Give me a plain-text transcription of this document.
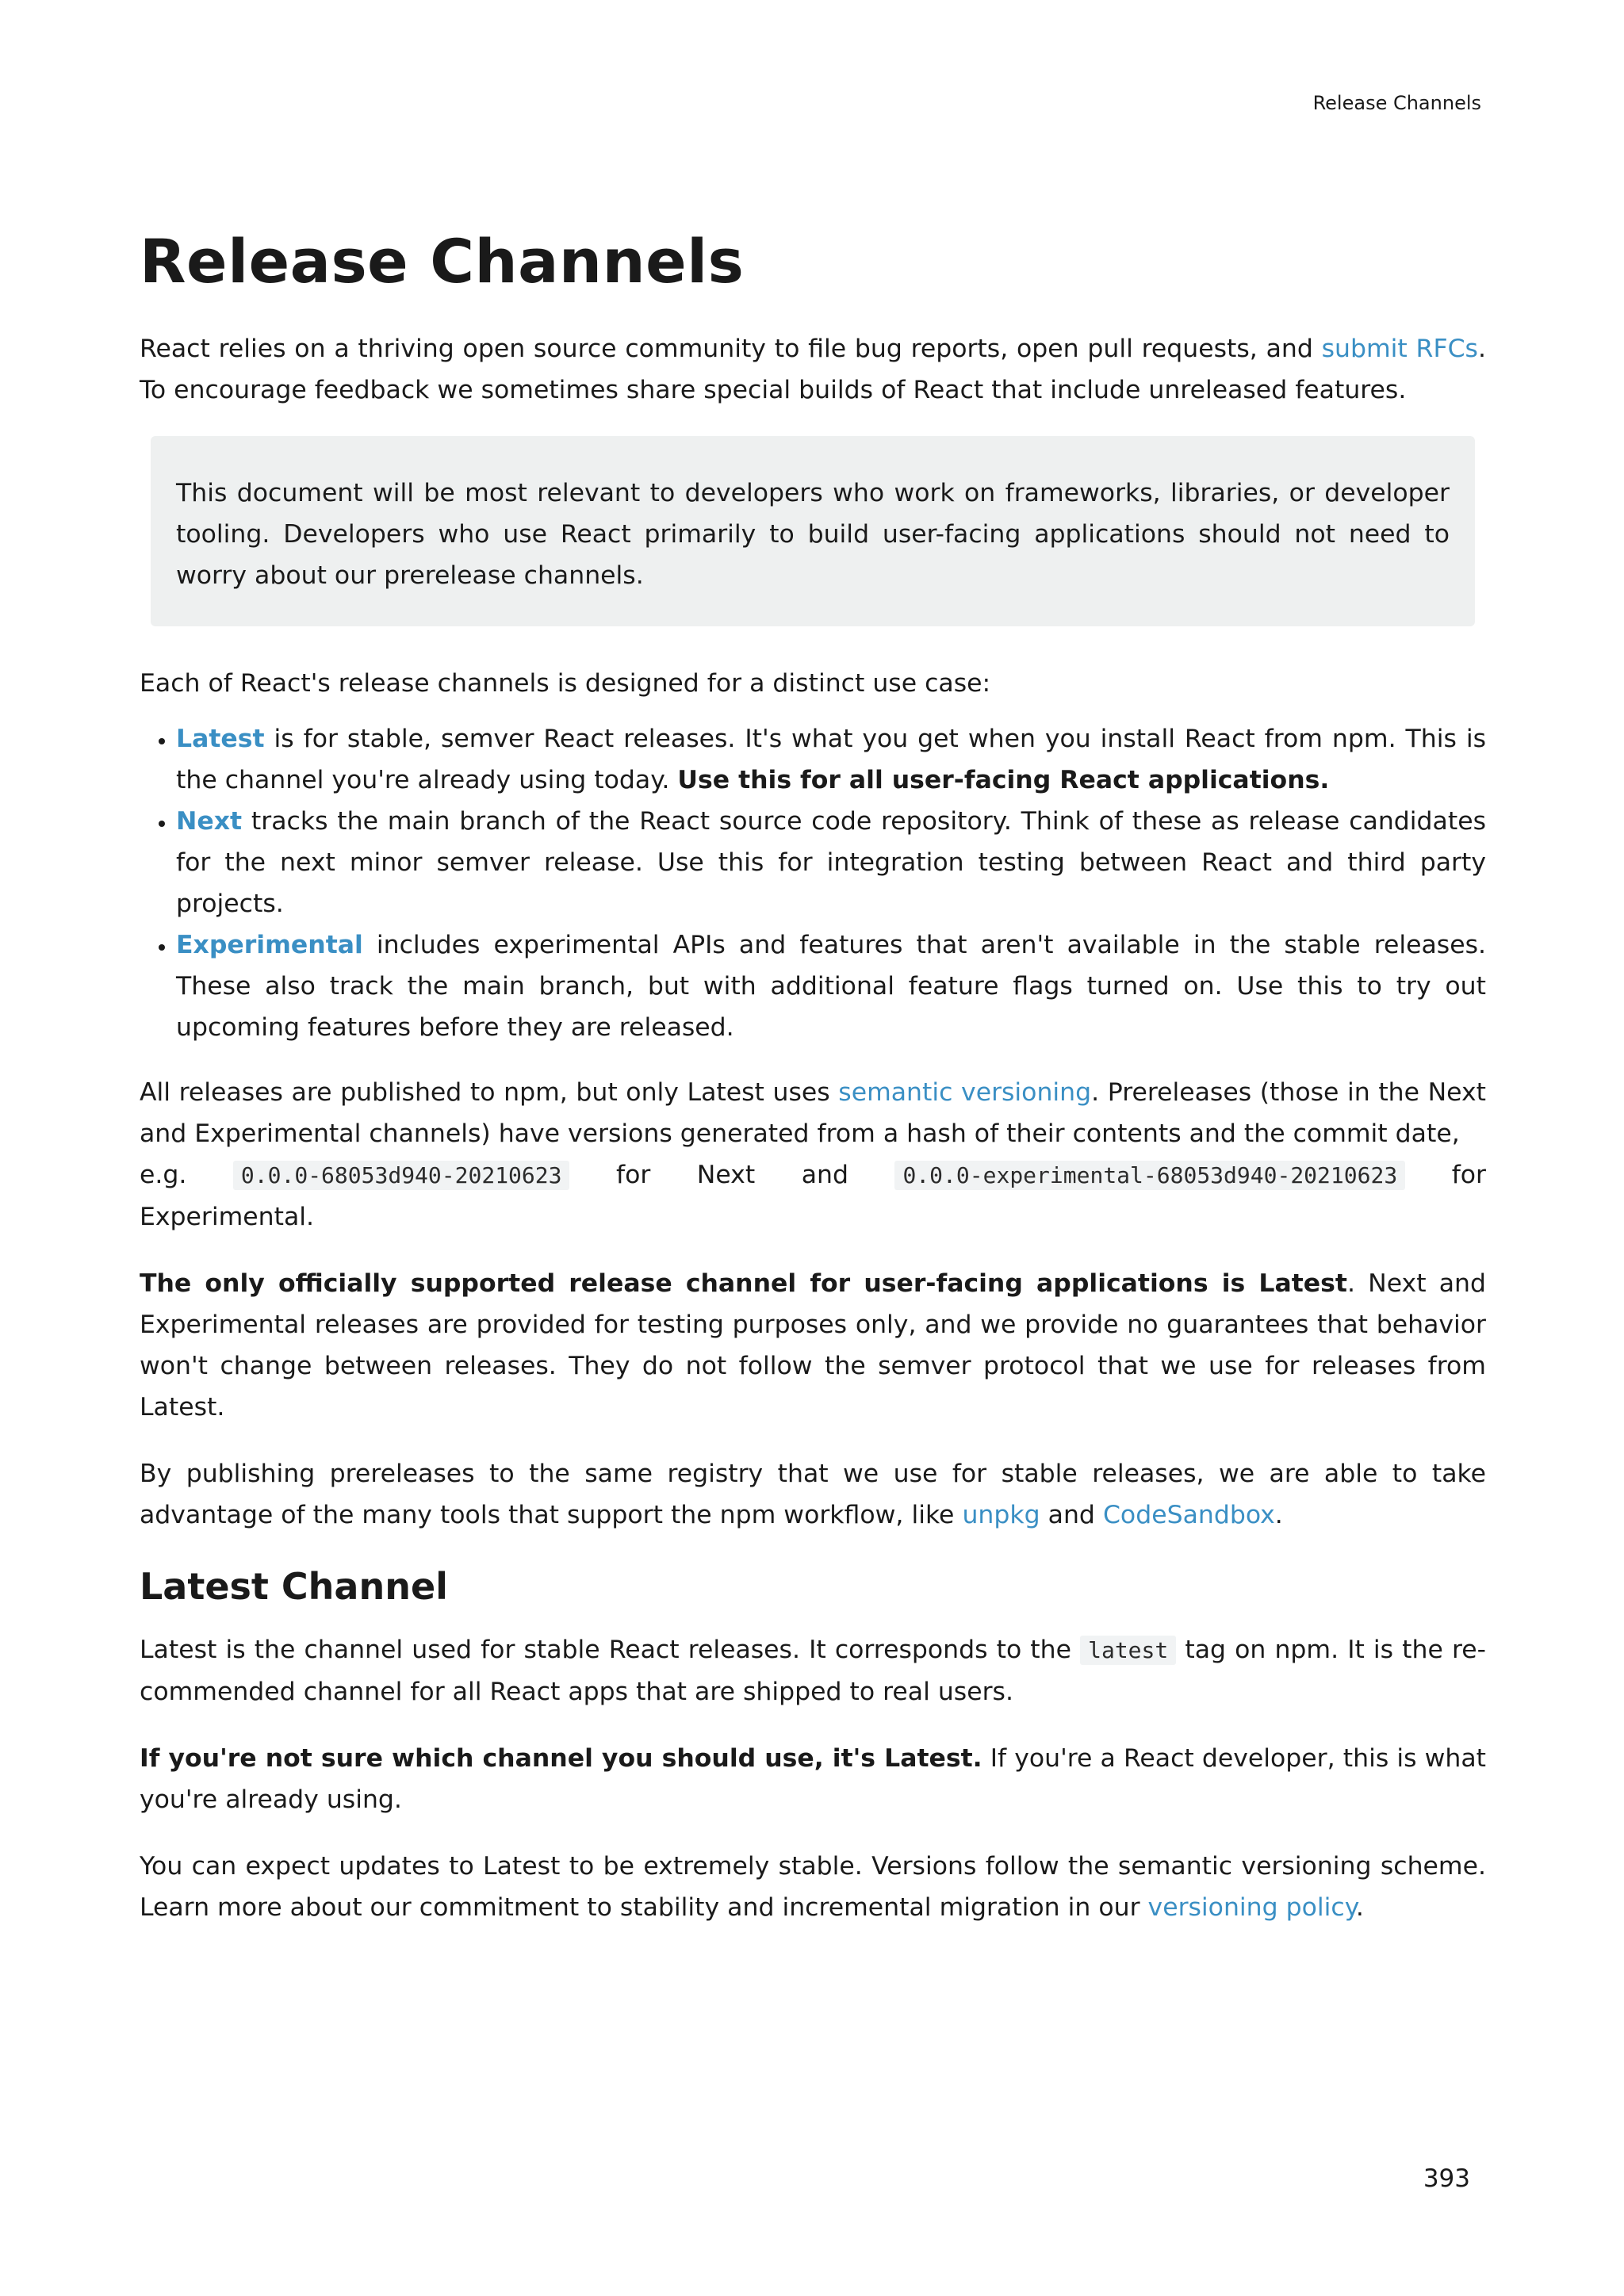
Release Channels
Release Channels

React relies on a thriving open source community to file bug reports, open pull requests, and submit RFCs. To encourage feedback we sometimes share special builds of React that include unreleased features.

This document will be most relevant to developers who work on frameworks, libraries, or developer tooling. Developers who use React primarily to build user-facing applications should not need to worry about our prerelease channels.

Each of React's release channels is designed for a distinct use case:

• Latest is for stable, semver React releases. It's what you get when you install React from npm. This is the channel you're already using today. Use this for all user-facing React applications.
• Next tracks the main branch of the React source code repository. Think of these as release candidates for the next minor semver release. Use this for integration testing between React and third party projects.
• Experimental includes experimental APIs and features that aren't available in the stable releases. These also track the main branch, but with additional feature flags turned on. Use this to try out upcoming features before they are released.

All releases are published to npm, but only Latest uses semantic versioning. Prereleases (those in the Next and Experimental channels) have versions generated from a hash of their contents and the commit date,
e.g. 0.0.0-68053d940-20210623 for Next and 0.0.0-experimental-68053d940-20210623 for
Experimental.

The only officially supported release channel for user-facing applications is Latest. Next and Experimental releases are provided for testing purposes only, and we provide no guarantees that behavior won't change between releases. They do not follow the semver protocol that we use for releases from Latest.

By publishing prereleases to the same registry that we use for stable releases, we are able to take advantage of the many tools that support the npm workflow, like unpkg and CodeSandbox.

Latest Channel

Latest is the channel used for stable React releases. It corresponds to the latest tag on npm. It is the recommended channel for all React apps that are shipped to real users.

If you're not sure which channel you should use, it's Latest. If you're a React developer, this is what you're already using.

You can expect updates to Latest to be extremely stable. Versions follow the semantic versioning scheme. Learn more about our commitment to stability and incremental migration in our versioning policy.

393
